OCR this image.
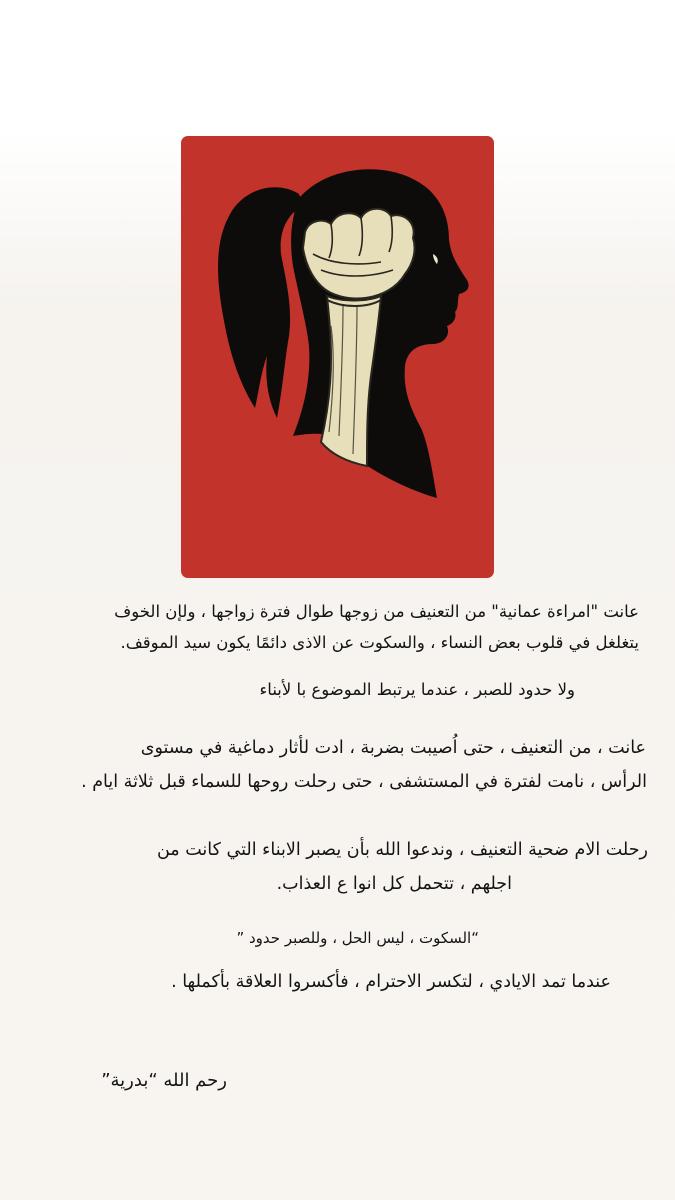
عانت "امراءة عمانية" من التعنيف من زوجها طوال فترة زواجها ، ولإن الخوف

يتغلغل في قلوب بعض النساء ، والسكوت عن الاذى دائمًا يكون سيد الموقف.

ولا حدود للصبر ، عندما يرتبط الموضوع با لأبناء

عانت ، من التعنيف ، حتى اُصيبت بضربة ، ادت لأثار دماغية في مستوى

الرأس ، نامت لفترة في المستشفى ، حتى رحلت روحها للسماء قبل ثلاثة ايام .

رحلت الام ضحية التعنيف ، وندعوا الله بأن يصبر الابناء التي كانت من

اجلهم ، تتحمل كل انوا ع العذاب.

“السكوت ، ليس الحل ، وللصبر حدود ”

عندما تمد الايادي ، لتكسر الاحترام ، فأكسروا العلاقة بأكملها .

رحم الله “بدرية”
